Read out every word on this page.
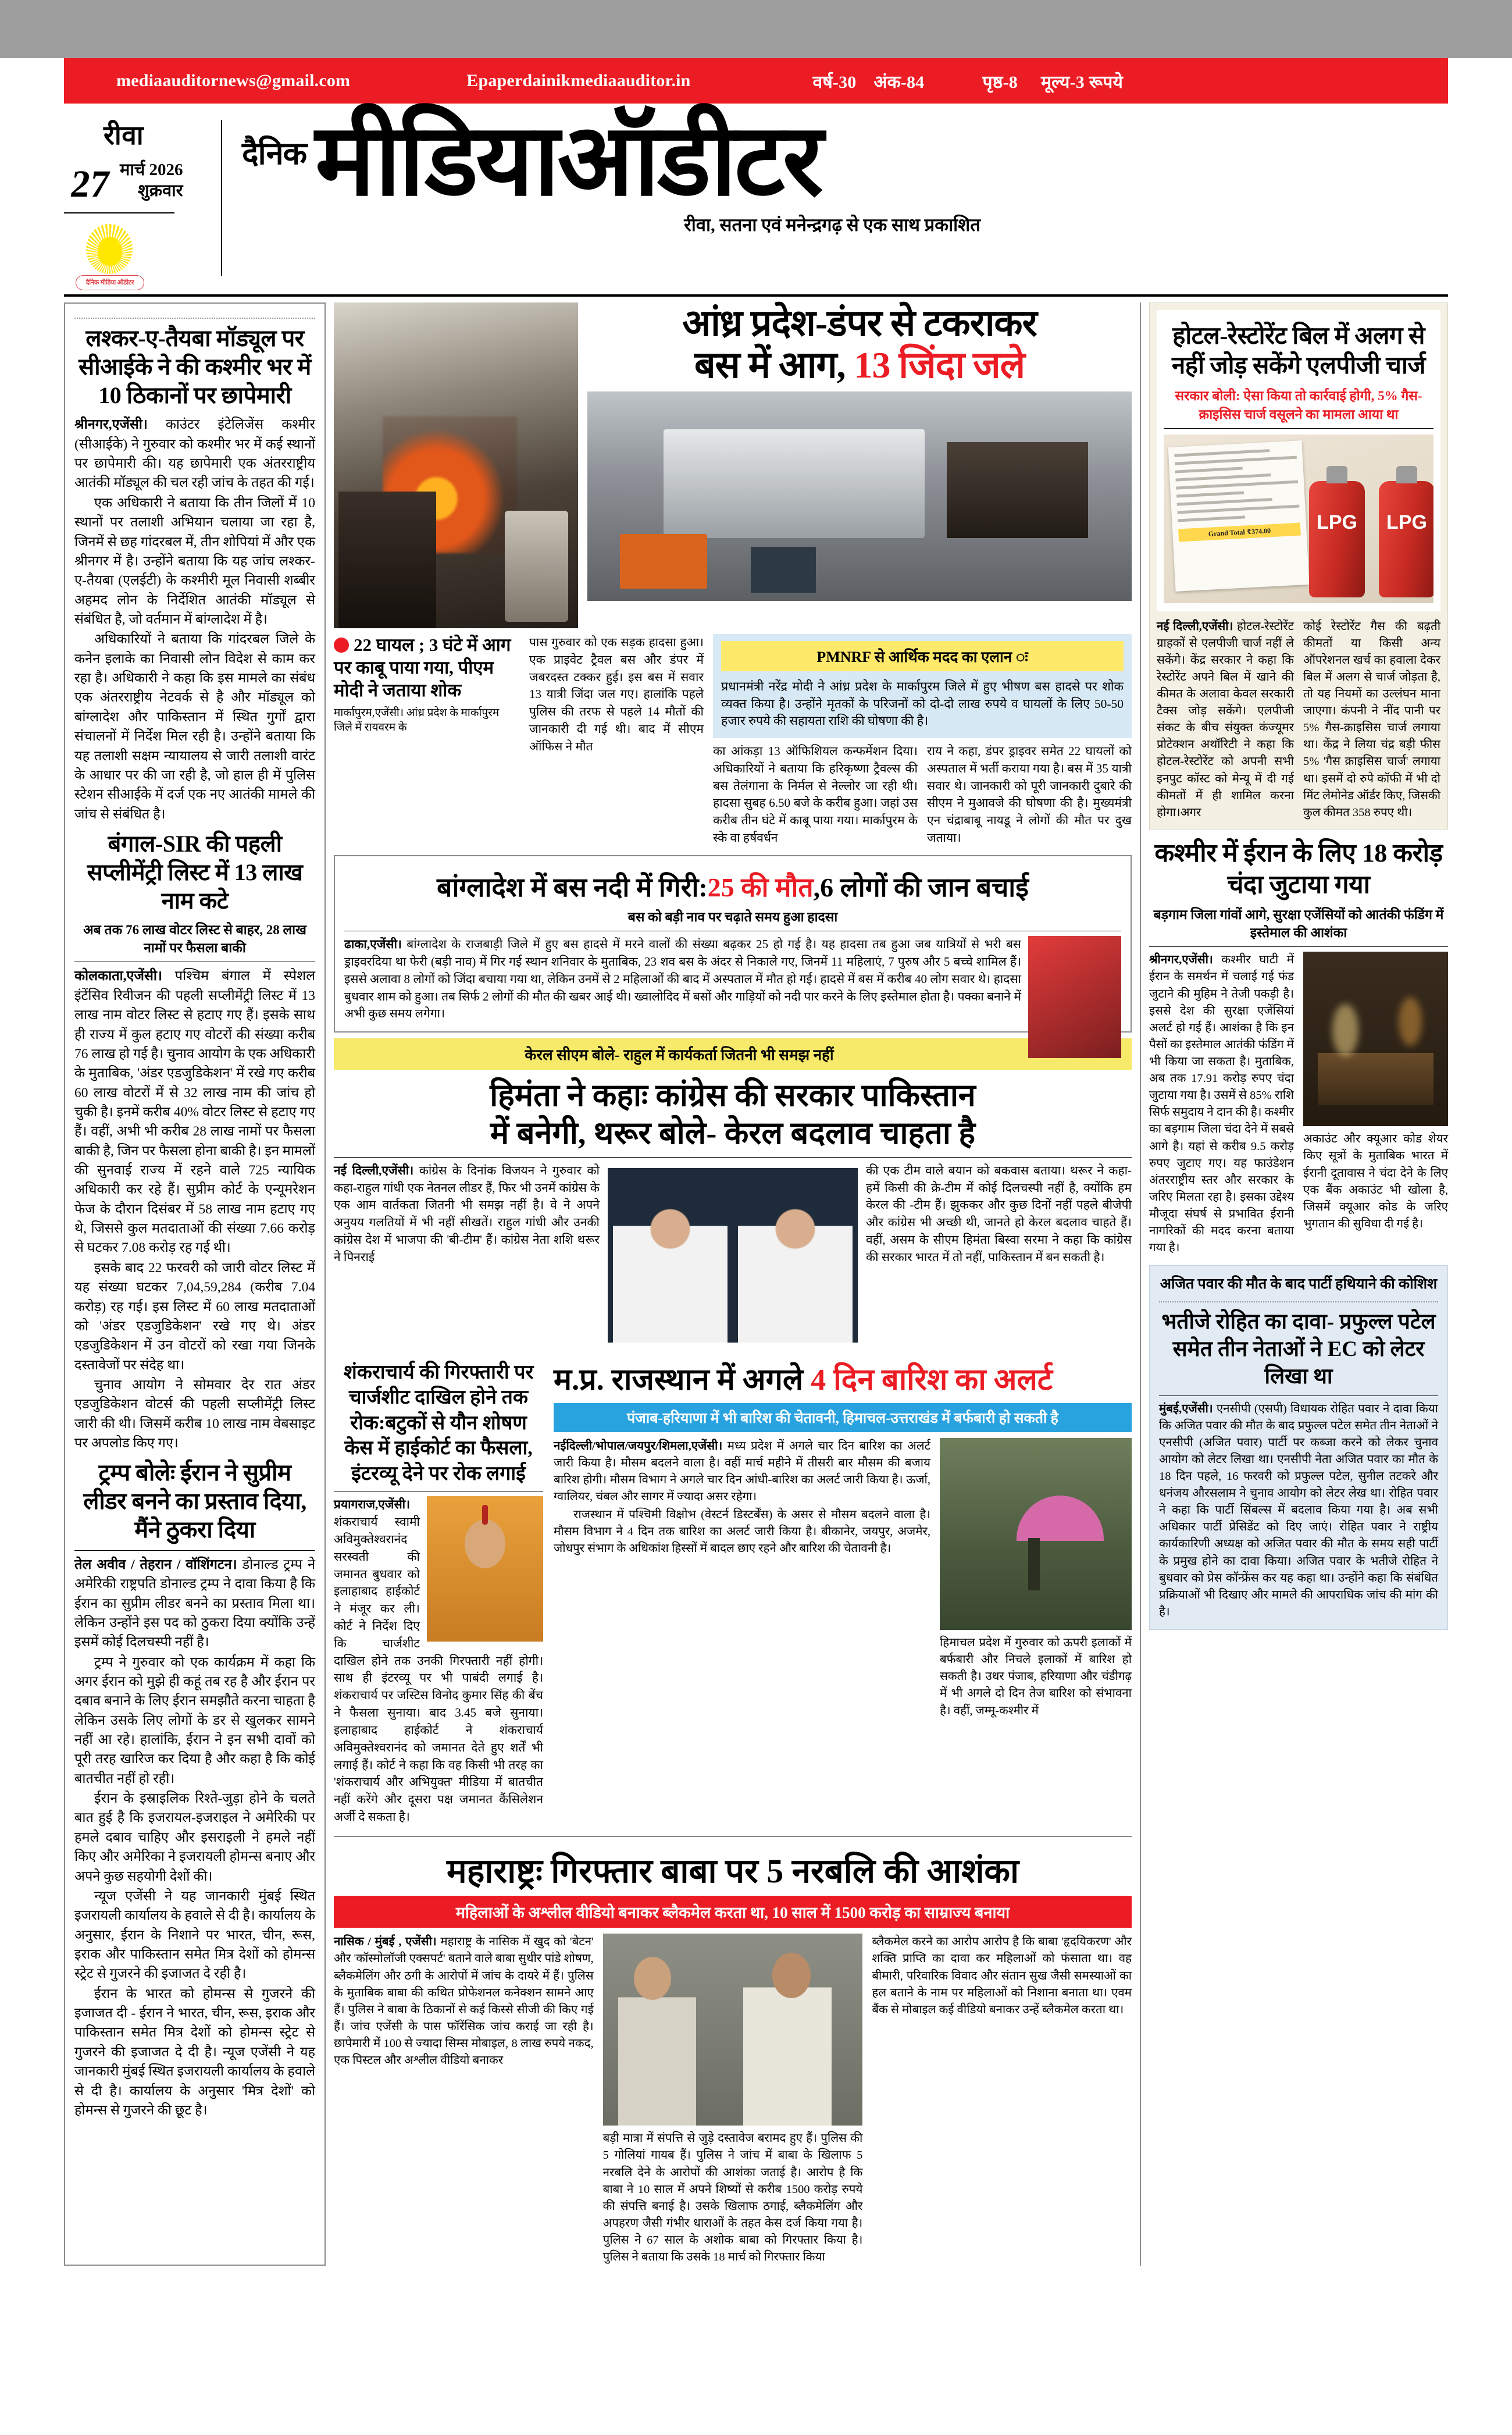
mediaauditornews@gmail.com	Epaperdainikmediaauditor.in	वर्ष-30 अंक-84	पृष्ठ-8 मूल्य-3 रूपये
रीवा
27 मार्च 2026
शुक्रवार
दैनिक मीडिया ऑडीटर
दैनिक मीडियाऑडीटर
रीवा, सतना एवं मनेन्द्रगढ़ से एक साथ प्रकाशित
लश्कर-ए-तैयबा मॉड्यूल पर सीआईके ने की कश्मीर भर में 10 ठिकानों पर छापेमारी

श्रीनगर,एजेंसी। काउंटर इंटेलिजेंस कश्मीर (सीआईके) ने गुरुवार को कश्मीर भर में कई स्थानों पर छापेमारी की। यह छापेमारी एक अंतरराष्ट्रीय आतंकी मॉड्यूल की चल रही जांच के तहत की गई।

एक अधिकारी ने बताया कि तीन जिलों में 10 स्थानों पर तलाशी अभियान चलाया जा रहा है, जिनमें से छह गांदरबल में, तीन शोपियां में और एक श्रीनगर में है। उन्होंने बताया कि यह जांच लश्कर-ए-तैयबा (एलईटी) के कश्मीरी मूल निवासी शब्बीर अहमद लोन के निर्देशित आतंकी मॉड्यूल से संबंधित है, जो वर्तमान में बांग्लादेश में है।

अधिकारियों ने बताया कि गांदरबल जिले के कनेन इलाके का निवासी लोन विदेश से काम कर रहा है। अधिकारी ने कहा कि इस मामले का संबंध एक अंतरराष्ट्रीय नेटवर्क से है और मॉड्यूल को बांग्लादेश और पाकिस्तान में स्थित गुर्गों द्वारा संचालनों में निर्देश मिल रही है। उन्होंने बताया कि यह तलाशी सक्षम न्यायालय से जारी तलाशी वारंट के आधार पर की जा रही है, जो हाल ही में पुलिस स्टेशन सीआईके में दर्ज एक नए आतंकी मामले की जांच से संबंधित है।

बंगाल-SIR की पहली सप्लीमेंट्री लिस्ट में 13 लाख नाम कटे
अब तक 76 लाख वोटर लिस्ट से बाहर, 28 लाख नामों पर फैसला बाकी

कोलकाता,एजेंसी। पश्चिम बंगाल में स्पेशल इंटेंसिव रिवीजन की पहली सप्लीमेंट्री लिस्ट में 13 लाख नाम वोटर लिस्ट से हटाए गए हैं। इसके साथ ही राज्य में कुल हटाए गए वोटरों की संख्या करीब 76 लाख हो गई है। चुनाव आयोग के एक अधिकारी के मुताबिक, 'अंडर एडजुडिकेशन' में रखे गए करीब 60 लाख वोटरों में से 32 लाख नाम की जांच हो चुकी है। इनमें करीब 40% वोटर लिस्ट से हटाए गए हैं। वहीं, अभी भी करीब 28 लाख नामों पर फैसला बाकी है, जिन पर फैसला होना बाकी है। इन मामलों की सुनवाई राज्य में रहने वाले 725 न्यायिक अधिकारी कर रहे हैं। सुप्रीम कोर्ट के एन्यूमरेशन फेज के दौरान दिसंबर में 58 लाख नाम हटाए गए थे, जिससे कुल मतदाताओं की संख्या 7.66 करोड़ से घटकर 7.08 करोड़ रह गई थी।

इसके बाद 22 फरवरी को जारी वोटर लिस्ट में यह संख्या घटकर 7,04,59,284 (करीब 7.04 करोड़) रह गई। इस लिस्ट में 60 लाख मतदाताओं को 'अंडर एडजुडिकेशन' रखे गए थे। अंडर एडजुडिकेशन में उन वोटरों को रखा गया जिनके दस्तावेजों पर संदेह था।

चुनाव आयोग ने सोमवार देर रात अंडर एडजुडिकेशन वोटर्स की पहली सप्लीमेंट्री लिस्ट जारी की थी। जिसमें करीब 10 लाख नाम वेबसाइट पर अपलोड किए गए।

ट्रम्प बोलेः ईरान ने सुप्रीम लीडर बनने का प्रस्ताव दिया, मैंने ठुकरा दिया

तेल अवीव / तेहरान / वॉशिंगटन। डोनाल्ड ट्रम्प ने अमेरिकी राष्ट्रपति डोनाल्ड ट्रम्प ने दावा किया है कि ईरान का सुप्रीम लीडर बनने का प्रस्ताव मिला था। लेकिन उन्होंने इस पद को ठुकरा दिया क्योंकि उन्हें इसमें कोई दिलचस्पी नहीं है।

ट्रम्प ने गुरुवार को एक कार्यक्रम में कहा कि अगर ईरान को मुझे ही कहूं तब रह है और ईरान पर दबाव बनाने के लिए ईरान समझौते करना चाहता है लेकिन उसके लिए लोगों के डर से खुलकर सामने नहीं आ रहे। हालांकि, ईरान ने इन सभी दावों को पूरी तरह खारिज कर दिया है और कहा है कि कोई बातचीत नहीं हो रही।

ईरान के इस्राइलिक रिश्ते-जुड़ा होने के चलते बात हुई है कि इजरायल-इजराइल ने अमेरिकी पर हमले दबाव चाहिए और इसराइली ने हमले नहीं किए और अमेरिका ने इजरायली होमन्स बनाए और अपने कुछ सहयोगी देशों की।

न्यूज एजेंसी ने यह जानकारी मुंबई स्थित इजरायली कार्यालय के हवाले से दी है। कार्यालय के अनुसार, ईरान के निशाने पर भारत, चीन, रूस, इराक और पाकिस्तान समेत मित्र देशों को होमन्स स्ट्रेट से गुजरने की इजाजत दे रही है।

ईरान के भारत को होमन्स से गुजरने की इजाजत दी - ईरान ने भारत, चीन, रूस, इराक और पाकिस्तान समेत मित्र देशों को होमन्स स्ट्रेट से गुजरने की इजाजत दे दी है। न्यूज एजेंसी ने यह जानकारी मुंबई स्थित इजरायली कार्यालय के हवाले से दी है। कार्यालय के अनुसार 'मित्र देशों' को होमन्स से गुजरने की छूट है।

आंध्र प्रदेश-डंपर से टकराकर
बस में आग, 13 जिंदा जले
22 घायल ; 3 घंटे में आग पर काबू पाया गया, पीएम मोदी ने जताया शोक
मार्कापुरम,एजेंसी। आंध्र प्रदेश के मार्कापुरम जिले में रायवरम के
पास गुरुवार को एक सड़क हादसा हुआ। एक प्राइवेट ट्रैवल बस और डंपर में जबरदस्त टक्कर हुई। इस बस में सवार 13 यात्री जिंदा जल गए। हालांकि पहले पुलिस की तरफ से पहले 14 मौतों की जानकारी दी गई थी। बाद में सीएम ऑफिस ने मौत
PMNRF से आर्थिक मदद का एलान ः
प्रधानमंत्री नरेंद्र मोदी ने आंध्र प्रदेश के मार्कापुरम जिले में हुए भीषण बस हादसे पर शोक व्यक्त किया है। उन्होंने मृतकों के परिजनों को दो-दो लाख रुपये व घायलों के लिए 50-50 हजार रुपये की सहायता राशि की घोषणा की है।
का आंकड़ा 13 ऑफिशियल कन्फर्मेशन दिया। अधिकारियों ने बताया कि हरिकृष्णा ट्रैवल्स की बस तेलंगाना के निर्मल से नेल्लोर जा रही थी। हादसा सुबह 6.50 बजे के करीब हुआ। जहां उस करीब तीन घंटे में काबू पाया गया। मार्कापुरम के स्के वा हर्षवर्धन
राय ने कहा, डंपर ड्राइवर समेत 22 घायलों को अस्पताल में भर्ती कराया गया है। बस में 35 यात्री सवार थे। जानकारी को पूरी जानकारी दुबारे की सीएम ने मुआवजे की घोषणा की है। मुख्यमंत्री एन चंद्राबाबू नायडू ने लोगों की मौत पर दुख जताया।
बांग्लादेश में बस नदी में गिरी:25 की मौत,6 लोगों की जान बचाई
बस को बड़ी नाव पर चढ़ाते समय हुआ हादसा

ढाका,एजेंसी। बांग्लादेश के राजबाड़ी जिले में हुए बस हादसे में मरने वालों की संख्या बढ़कर 25 हो गई है। यह हादसा तब हुआ जब यात्रियों से भरी बस ड्राइवरदिया था फेरी (बड़ी नाव) में गिर गई स्थान शनिवार के मुताबिक, 23 शव बस के अंदर से निकाले गए, जिनमें 11 महिलाएं, 7 पुरुष और 5 बच्चे शामिल हैं। इससे अलावा 8 लोगों को जिंदा बचाया गया था, लेकिन उनमें से 2 महिलाओं की बाद में अस्पताल में मौत हो गई। हादसे में बस में करीब 40 लोग सवार थे। हादसा बुधवार शाम को हुआ। तब सिर्फ 2 लोगों की मौत की खबर आई थी। ख्वालोदिद में बसों और गाड़ियों को नदी पार करने के लिए इस्तेमाल होता है। पक्का बनाने में अभी कुछ समय लगेगा।

केरल सीएम बोले- राहुल में कार्यकर्ता जितनी भी समझ नहीं
हिमंता ने कहाः कांग्रेस की सरकार पाकिस्तान
में बनेगी, थरूर बोले- केरल बदलाव चाहता है

नई दिल्ली,एजेंसी। कांग्रेस के दिनांक विजयन ने गुरुवार को कहा-राहुल गांधी एक नेतनल लीडर हैं, फिर भी उनमें कांग्रेस के एक आम वार्तकता जितनी भी समझ नहीं है। वे ने अपने अनुयय गलतियों में भी नहीं सीखतें। राहुल गांधी और उनकी कांग्रेस देश में भाजपा की 'बी-टीम' हैं। कांग्रेस नेता शशि थरूर ने पिनराई

की एक टीम वाले बयान को बकवास बताया। थरूर ने कहा- हमें किसी की क्रे-टीम में कोई दिलचस्पी नहीं है, क्योंकि हम केरल की -टीम हैं। झुककर और कुछ दिनों नहीं पहले बीजेपी और कांग्रेस भी अच्छी थी, जानते हो केरल बदलाव चाहते हैं। वहीं, असम के सीएम हिमंता बिस्वा सरमा ने कहा कि कांग्रेस की सरकार भारत में तो नहीं, पाकिस्तान में बन सकती है।

शंकराचार्य की गिरफ्तारी पर चार्जशीट दाखिल होने तक रोक:बटुकों से यौन शोषण केस में हाईकोर्ट का फैसला, इंटरव्यू देने पर रोक लगाई

प्रयागराज,एजेंसी। शंकराचार्य स्वामी अविमुक्तेश्वरानंद सरस्वती की जमानत बुधवार को इलाहाबाद हाईकोर्ट ने मंजूर कर ली। कोर्ट ने निर्देश दिए कि चार्जशीट दाखिल होने तक उनकी गिरफ्तारी नहीं होगी। साथ ही इंटरव्यू पर भी पाबंदी लगाई है। शंकराचार्य पर जस्टिस विनोद कुमार सिंह की बेंच ने फैसला सुनाया। बाद 3.45 बजे सुनाया। इलाहाबाद हाईकोर्ट ने शंकराचार्य अविमुक्तेश्वरानंद को जमानत देते हुए शर्तें भी लगाई हैं। कोर्ट ने कहा कि वह किसी भी तरह का 'शंकराचार्य और अभियुक्त' मीडिया में बातचीत नहीं करेंगे और दूसरा पक्ष जमानत कैंसिलेशन अर्जी दे सकता है।

म.प्र. राजस्थान में अगले 4 दिन बारिश का अलर्ट
पंजाब-हरियाणा में भी बारिश की चेतावनी, हिमाचल-उत्तराखंड में बर्फबारी हो सकती है

नईदिल्ली/भोपाल/जयपुर/शिमला,एजेंसी। मध्य प्रदेश में अगले चार दिन बारिश का अलर्ट जारी किया है। मौसम बदलने वाला है। वहीं मार्च महीने में तीसरी बार मौसम की बजाय बारिश होगी। मौसम विभाग ने अगले चार दिन आंधी-बारिश का अलर्ट जारी किया है। ऊर्जा, ग्वालियर, चंबल और सागर में ज्यादा असर रहेगा।

राजस्थान में पश्चिमी विक्षोभ (वेस्टर्न डिस्टर्बेंस) के असर से मौसम बदलने वाला है। मौसम विभाग ने 4 दिन तक बारिश का अलर्ट जारी किया है। बीकानेर, जयपुर, अजमेर, जोधपुर संभाग के अधिकांश हिस्सों में बादल छाए रहने और बारिश की चेतावनी है।

हिमाचल प्रदेश में गुरुवार को ऊपरी इलाकों में बर्फबारी और निचले इलाकों में बारिश हो सकती है। उधर पंजाब, हरियाणा और चंडीगढ़ में भी अगले दो दिन तेज बारिश को संभावना है। वहीं, जम्मू-कश्मीर में
महाराष्ट्रः गिरफ्तार बाबा पर 5 नरबलि की आशंका
महिलाओं के अश्लील वीडियो बनाकर ब्लैकमेल करता था, 10 साल में 1500 करोड़ का साम्राज्य बनाया

नासिक / मुंबई , एजेंसी। महाराष्ट्र के नासिक में खुद को 'बेटन' और 'कॉस्मोलॉजी एक्सपर्ट' बताने वाले बाबा सुधीर पांडे शोषण, ब्लैकमेलिंग और ठगी के आरोपों में जांच के दायरे में हैं। पुलिस के मुताबिक बाबा की कथित प्रोफेशनल कनेक्शन सामने आए हैं। पुलिस ने बाबा के ठिकानों से कई किस्से सीजी की किए गई हैं। जांच एजेंसी के पास फॉरेंसिक जांच कराई जा रही है। छापेमारी में 100 से ज्यादा सिम्स मोबाइल, 8 लाख रुपये नकद, एक पिस्टल और अश्लील वीडियो बनाकर

बड़ी मात्रा में संपत्ति से जुड़े दस्तावेज बरामद हुए हैं। पुलिस की 5 गोलियां गायब हैं। पुलिस ने जांच में बाबा के खिलाफ 5 नरबलि देने के आरोपों की आशंका जताई है। आरोप है कि बाबा ने 10 साल में अपने शिष्यों से करीब 1500 करोड़ रुपये की संपत्ति बनाई है। उसके खिलाफ ठगाई, ब्लैकमेलिंग और अपहरण जैसी गंभीर धाराओं के तहत केस दर्ज किया गया है। पुलिस ने 67 साल के अशोक बाबा को गिरफ्तार किया है। पुलिस ने बताया कि उसके 18 मार्च को गिरफ्तार किया
ब्लैकमेल करने का आरोप आरोप है कि बाबा 'हृदयिकरण' और शक्ति प्राप्ति का दावा कर महिलाओं को फंसाता था। वह बीमारी, परिवारिक विवाद और संतान सुख जैसी समस्याओं का हल बताने के नाम पर महिलाओं को निशाना बनाता था। एवम बैंक से मोबाइल कई वीडियो बनाकर उन्हें ब्लैकमेल करता था।
होटल-रेस्टोरेंट बिल में अलग से नहीं जोड़ सकेंगे एलपीजी चार्ज
सरकार बोली: ऐसा किया तो कार्रवाई होगी, 5% गैस-क्राइसिस चार्ज वसूलने का मामला आया था
Grand Total ₹374.00	LPG	LPG

नई दिल्ली,एजेंसी। होटल-रेस्टोरेंट ग्राहकों से एलपीजी चार्ज नहीं ले सकेंगे। केंद्र सरकार ने कहा कि रेस्टोरेंट अपने बिल में खाने की कीमत के अलावा केवल सरकारी टैक्स जोड़ सकेंगे। एलपीजी संकट के बीच संयुक्त कंज्यूमर प्रोटेक्शन अथॉरिटी ने कहा कि होटल-रेस्टोरेंट को अपनी सभी इनपुट कॉस्ट को मेन्यू में दी गई कीमतों में ही शामिल करना होगा।अगर

कोई रेस्टोरेंट गैस की बढ़ती कीमतों या किसी अन्य ऑपरेशनल खर्च का हवाला देकर बिल में अलग से चार्ज जोड़ता है, तो यह नियमों का उल्लंघन माना जाएगा। कंपनी ने नींद पानी पर 5% गैस-क्राइसिस चार्ज लगाया था। केंद्र ने लिया चंद्र बड़ी फीस 5% 'गैस क्राइसिस चार्ज' लगाया था। इसमें दो रुपे कॉफी में भी दो मिंट लेमोनेड ऑर्डर किए, जिसकी कुल कीमत 358 रुपए थी।
कश्मीर में ईरान के लिए 18 करोड़ चंदा जुटाया गया
बड़गाम जिला गांवों आगे, सुरक्षा एजेंसियों को आतंकी फंडिंग में इस्तेमाल की आशंका

श्रीनगर,एजेंसी। कश्मीर घाटी में ईरान के समर्थन में चलाई गई फंड जुटाने की मुहिम ने तेजी पकड़ी है। इससे देश की सुरक्षा एजेंसियां अलर्ट हो गई हैं। आशंका है कि इन पैसों का इस्तेमाल आतंकी फंडिंग में भी किया जा सकता है। मुताबिक, अब तक 17.91 करोड़ रुपए चंदा जुटाया गया है। उसमें से 85% राशि सिर्फ समुदाय ने दान की है। कश्मीर का बड़गाम जिला चंदा देने में सबसे आगे है। यहां से करीब 9.5 करोड़ रुपए जुटाए गए। यह फाउंडेशन अंतरराष्ट्रीय स्तर और सरकार के जरिए मिलता रहा है। इसका उद्देश्य मौजूदा संघर्ष से प्रभावित ईरानी नागरिकों की मदद करना बताया गया है।

अकाउंट और क्यूआर कोड शेयर किए सूत्रों के मुताबिक भारत में ईरानी दूतावास ने चंदा देने के लिए एक बैंक अकाउंट भी खोला है, जिसमें क्यूआर कोड के जरिए भुगतान की सुविधा दी गई है।
अजित पवार की मौत के बाद पार्टी हथियाने की कोशिश
भतीजे रोहित का दावा- प्रफुल्ल पटेल समेत तीन नेताओं ने EC को लेटर लिखा था

मुंबई,एजेंसी। एनसीपी (एसपी) विधायक रोहित पवार ने दावा किया कि अजित पवार की मौत के बाद प्रफुल्ल पटेल समेत तीन नेताओं ने एनसीपी (अजित पवार) पार्टी पर कब्जा करने को लेकर चुनाव आयोग को लेटर लिखा था। एनसीपी नेता अजित पवार का मौत के 18 दिन पहले, 16 फरवरी को प्रफुल्ल पटेल, सुनील तटकरे और धनंजय औरसलाम ने चुनाव आयोग को लेटर लेख था। रोहित पवार ने कहा कि पार्टी सिंबल्स में बदलाव किया गया है। अब सभी अधिकार पार्टी प्रेसिडेंट को दिए जाएं। रोहित पवार ने राष्ट्रीय कार्यकारिणी अध्यक्ष को अजित पवार की मौत के समय सही पार्टी के प्रमुख होने का दावा किया। अजित पवार के भतीजे रोहित ने बुधवार को प्रेस कॉन्फ्रेंस कर यह कहा था। उन्होंने कहा कि संबंधित प्रक्रियाओं भी दिखाए और मामले की आपराधिक जांच की मांग की है।
